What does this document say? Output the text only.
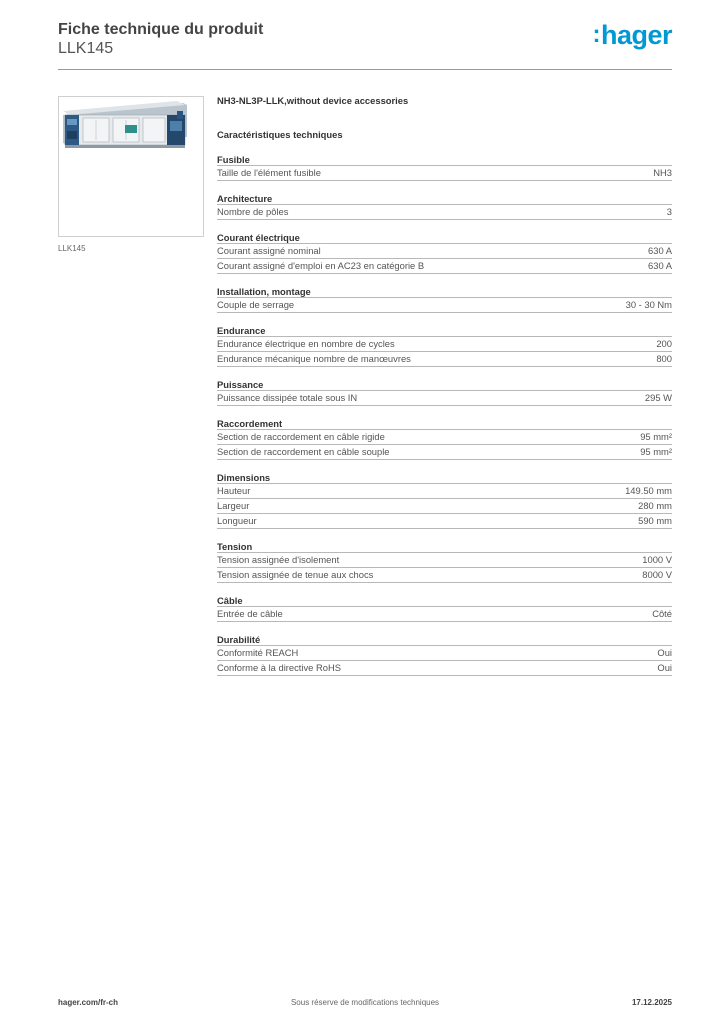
Fiche technique du produit
LLK145
:hager
LLK145
NH3-NL3P-LLK,without device accessories
Caractéristiques techniques
Fusible
Taille de l'élément fusible	NH3
Architecture
Nombre de pôles	3
Courant électrique
Courant assigné nominal	630 A
Courant assigné d'emploi en AC23 en catégorie B	630 A
Installation, montage
Couple de serrage	30 - 30 Nm
Endurance
Endurance électrique en nombre de cycles	200
Endurance mécanique nombre de manœuvres	800
Puissance
Puissance dissipée totale sous IN	295 W
Raccordement
Section de raccordement en câble rigide	95 mm²
Section de raccordement en câble souple	95 mm²
Dimensions
Hauteur	149.50 mm
Largeur	280 mm
Longueur	590 mm
Tension
Tension assignée d'isolement	1000 V
Tension assignée de tenue aux chocs	8000 V
Câble
Entrée de câble	Côté
Durabilité
Conformité REACH	Oui
Conforme à la directive RoHS	Oui
hager.com/fr-ch	Sous réserve de modifications techniques	17.12.2025
